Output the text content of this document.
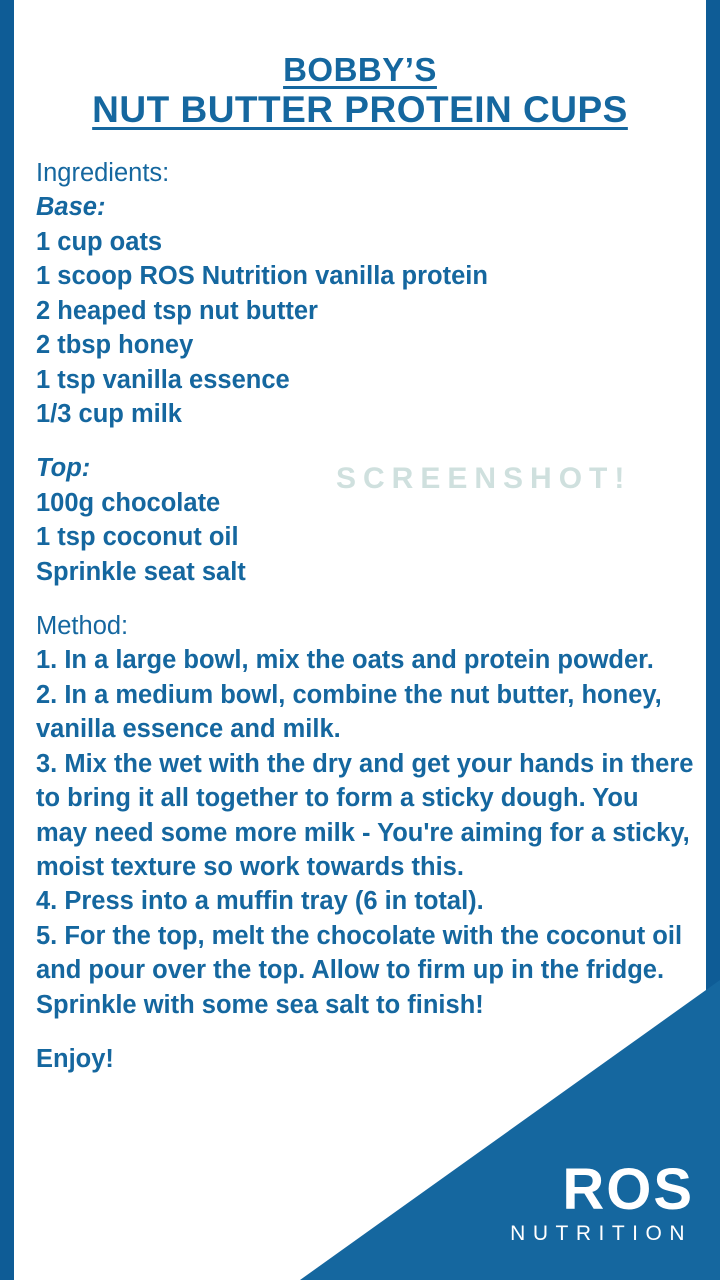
BOBBY’S
NUT BUTTER PROTEIN CUPS
Ingredients:
Base:
1 cup oats
1 scoop ROS Nutrition vanilla protein
2 heaped tsp nut butter
2 tbsp honey
1 tsp vanilla essence
1/3 cup milk
Top:
100g chocolate
1 tsp coconut oil
Sprinkle seat salt
Method:
1. In a large bowl, mix the oats and protein powder.
2. In a medium bowl, combine the nut butter, honey, vanilla essence and milk.
3. Mix the wet with the dry and get your hands in there to bring it all together to form a sticky dough. You may need some more milk - You're aiming for a sticky, moist texture so work towards this.
4. Press into a muffin tray (6 in total).
5. For the top, melt the chocolate with the coconut oil and pour over the top. Allow to firm up in the fridge. Sprinkle with some sea salt to finish!
Enjoy!
SCREENSHOT!
ROS
NUTRITION
